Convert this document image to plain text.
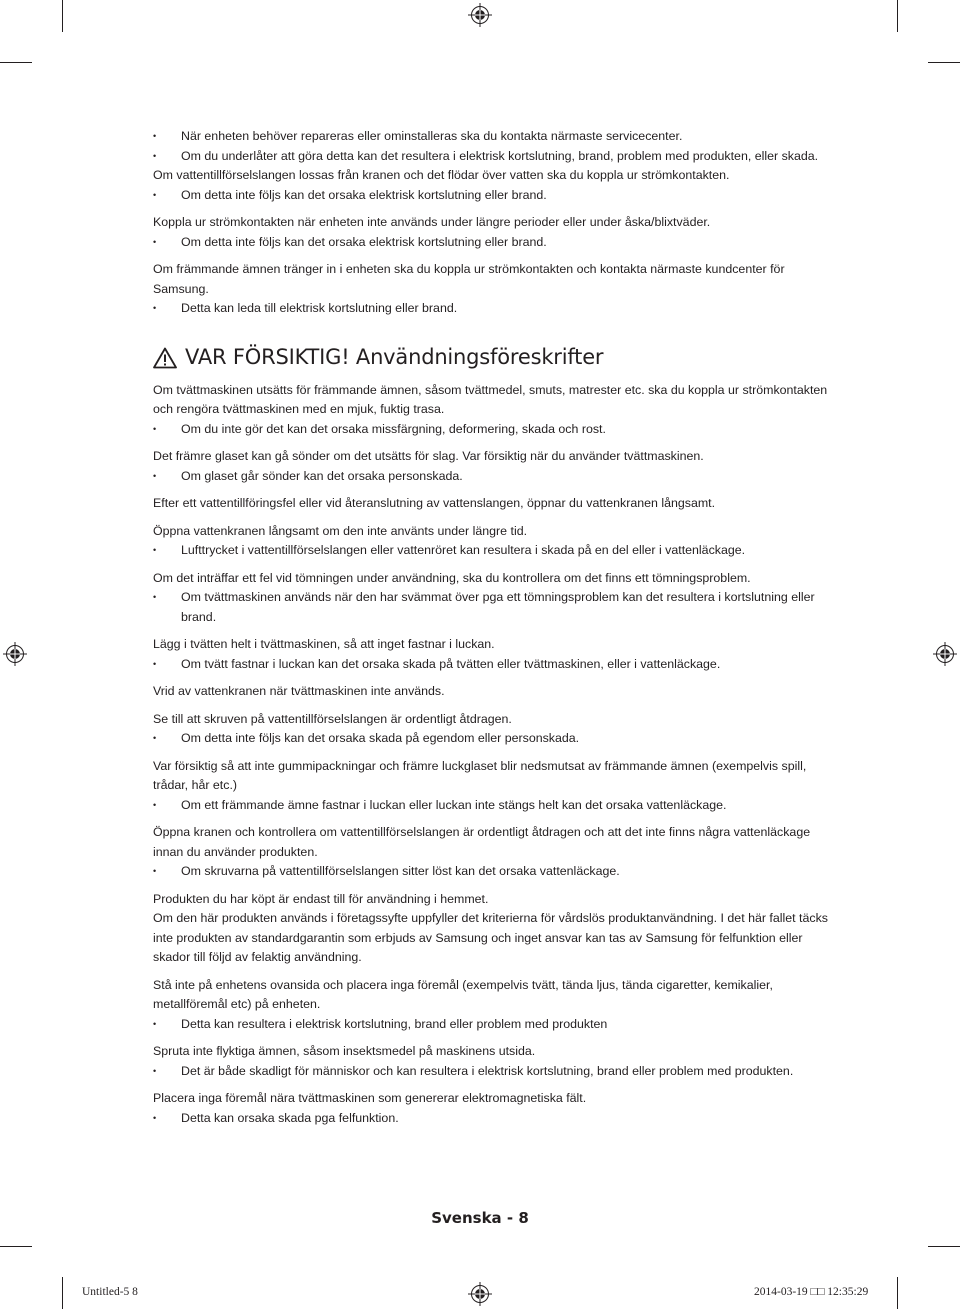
• När enheten behöver repareras eller ominstalleras ska du kontakta närmaste servicecenter.
• Om du underlåter att göra detta kan det resultera i elektrisk kortslutning, brand, problem med produkten, eller skada.

Om vattentillförselslangen lossas från kranen och det flödar över vatten ska du koppla ur strömkontakten.

• Om detta inte följs kan det orsaka elektrisk kortslutning eller brand.

Koppla ur strömkontakten när enheten inte används under längre perioder eller under åska/blixtväder.

• Om detta inte följs kan det orsaka elektrisk kortslutning eller brand.

Om främmande ämnen tränger in i enheten ska du koppla ur strömkontakten och kontakta närmaste kundcenter för Samsung.

• Detta kan leda till elektrisk kortslutning eller brand.
VAR FÖRSIKTIG! Användningsföreskrifter

Om tvättmaskinen utsätts för främmande ämnen, såsom tvättmedel, smuts, matrester etc. ska du koppla ur strömkontakten och rengöra tvättmaskinen med en mjuk, fuktig trasa.

• Om du inte gör det kan det orsaka missfärgning, deformering, skada och rost.

Det främre glaset kan gå sönder om det utsätts för slag. Var försiktig när du använder tvättmaskinen.

• Om glaset går sönder kan det orsaka personskada.

Efter ett vattentillföringsfel eller vid återanslutning av vattenslangen, öppnar du vattenkranen långsamt.

Öppna vattenkranen långsamt om den inte använts under längre tid.

• Lufttrycket i vattentillförselslangen eller vattenröret kan resultera i skada på en del eller i vattenläckage.

Om det inträffar ett fel vid tömningen under användning, ska du kontrollera om det finns ett tömningsproblem.

• Om tvättmaskinen används när den har svämmat över pga ett tömningsproblem kan det resultera i kortslutning eller brand.

Lägg i tvätten helt i tvättmaskinen, så att inget fastnar i luckan.

• Om tvätt fastnar i luckan kan det orsaka skada på tvätten eller tvättmaskinen, eller i vattenläckage.

Vrid av vattenkranen när tvättmaskinen inte används.

Se till att skruven på vattentillförselslangen är ordentligt åtdragen.

• Om detta inte följs kan det orsaka skada på egendom eller personskada.

Var försiktig så att inte gummipackningar och främre luckglaset blir nedsmutsat av främmande ämnen (exempelvis spill, trådar, hår etc.)

• Om ett främmande ämne fastnar i luckan eller luckan inte stängs helt kan det orsaka vattenläckage.

Öppna kranen och kontrollera om vattentillförselslangen är ordentligt åtdragen och att det inte finns några vattenläckage innan du använder produkten.

• Om skruvarna på vattentillförselslangen sitter löst kan det orsaka vattenläckage.

Produkten du har köpt är endast till för användning i hemmet.

Om den här produkten används i företagssyfte uppfyller det kriterierna för vårdslös produktanvändning. I det här fallet täcks inte produkten av standardgarantin som erbjuds av Samsung och inget ansvar kan tas av Samsung för felfunktion eller skador till följd av felaktig användning.

Stå inte på enhetens ovansida och placera inga föremål (exempelvis tvätt, tända ljus, tända cigaretter, kemikalier, metallföremål etc) på enheten.

• Detta kan resultera i elektrisk kortslutning, brand eller problem med produkten

Spruta inte flyktiga ämnen, såsom insektsmedel på maskinens utsida.

• Det är både skadligt för människor och kan resultera i elektrisk kortslutning, brand eller problem med produkten.

Placera inga föremål nära tvättmaskinen som genererar elektromagnetiska fält.

• Detta kan orsaka skada pga felfunktion.
Svenska - 8
Untitled-5 8	2014-03-19 □□ 12:35:29
